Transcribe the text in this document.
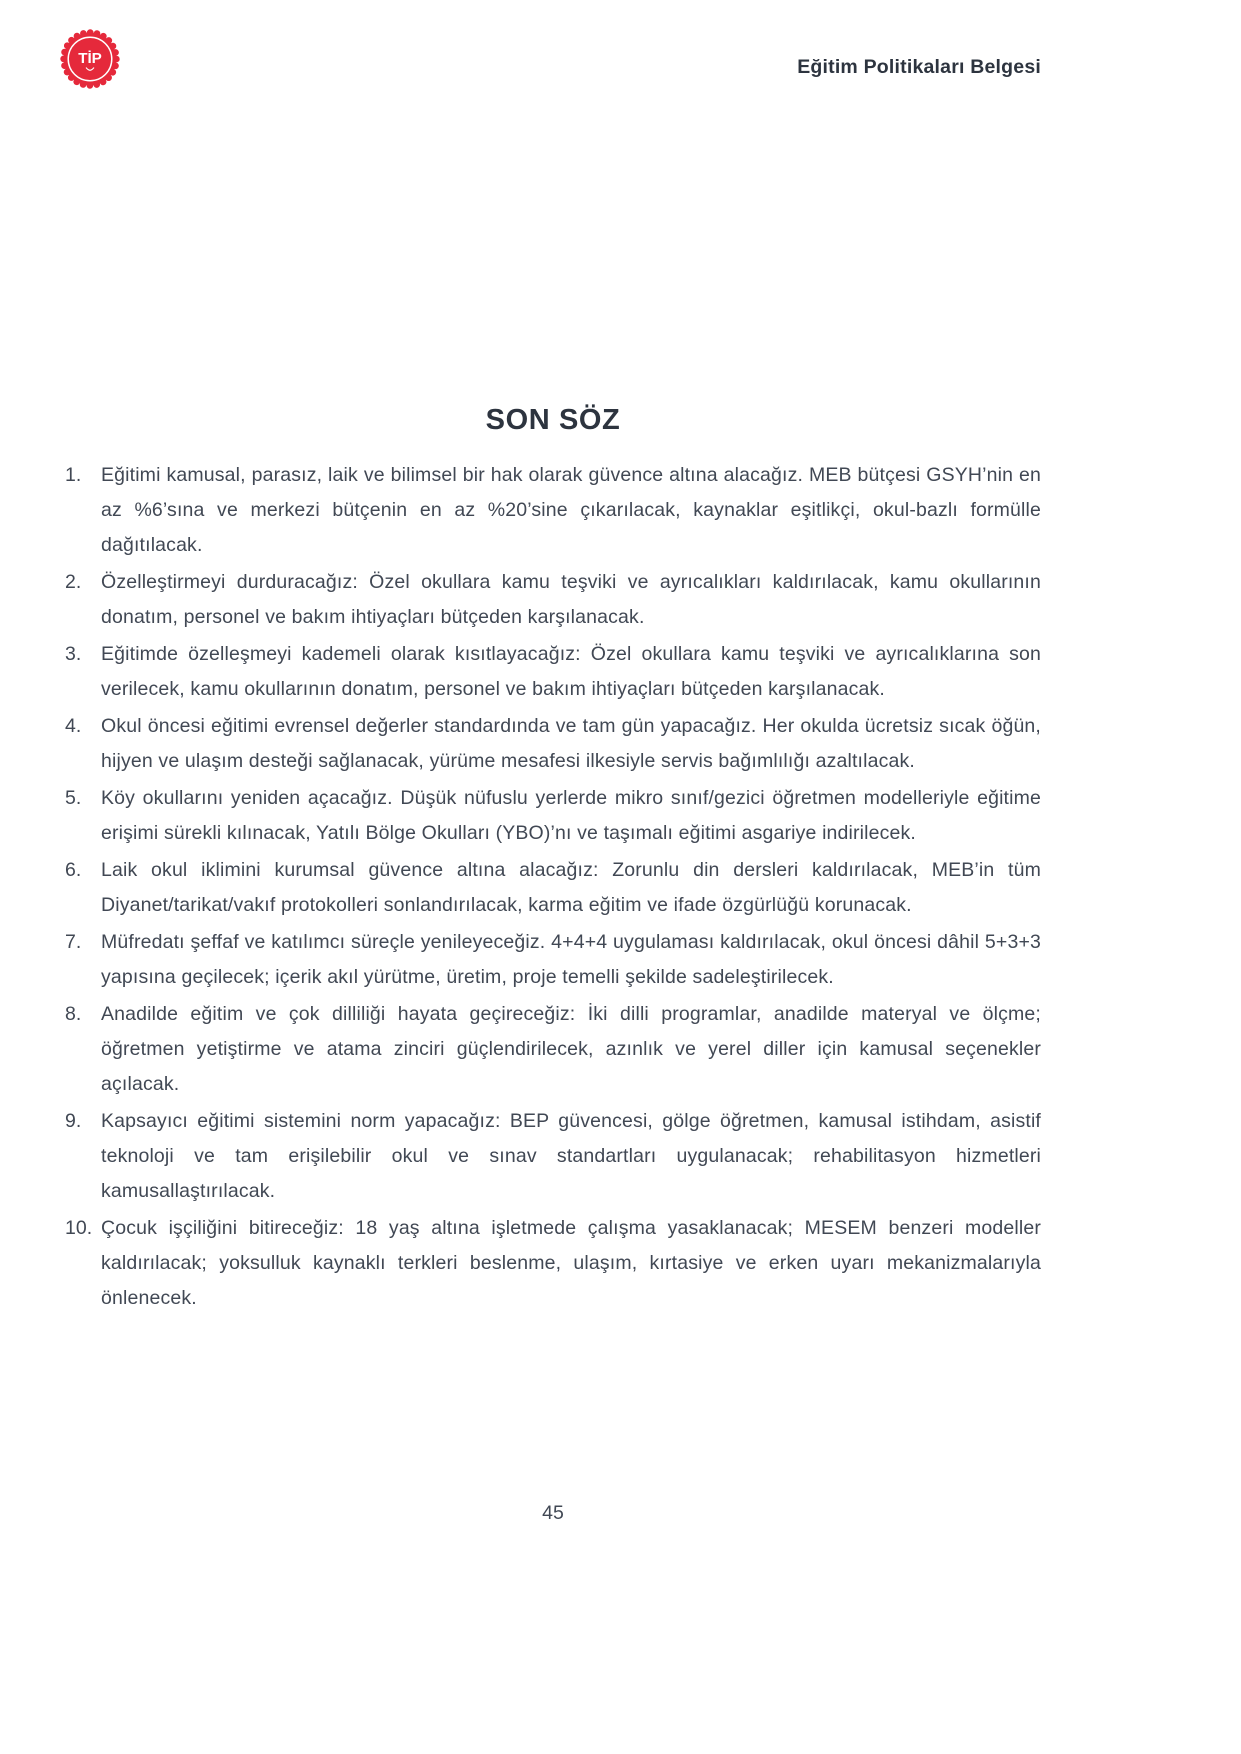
TİP	Eğitim Politikaları Belgesi
SON SÖZ
1.	Eğitimi kamusal, parasız, laik ve bilimsel bir hak olarak güvence altına alacağız. MEB bütçesi GSYH’nin en az %6’sına ve merkezi bütçenin en az %20’sine çıkarılacak, kaynaklar eşitlikçi, okul-bazlı formülle dağıtılacak.
2.	Özelleştirmeyi durduracağız: Özel okullara kamu teşviki ve ayrıcalıkları kaldırılacak, kamu okullarının donatım, personel ve bakım ihtiyaçları bütçeden karşılanacak.
3.	Eğitimde özelleşmeyi kademeli olarak kısıtlayacağız: Özel okullara kamu teşviki ve ayrıcalıklarına son verilecek, kamu okullarının donatım, personel ve bakım ihtiyaçları bütçeden karşılanacak.
4.	Okul öncesi eğitimi evrensel değerler standardında ve tam gün yapacağız. Her okulda ücretsiz sıcak öğün, hijyen ve ulaşım desteği sağlanacak, yürüme mesafesi ilkesiyle servis bağımlılığı azaltılacak.
5.	Köy okullarını yeniden açacağız. Düşük nüfuslu yerlerde mikro sınıf/gezici öğretmen modelleriyle eğitime erişimi sürekli kılınacak, Yatılı Bölge Okulları (YBO)’nı ve taşımalı eğitimi asgariye indirilecek.
6.	Laik okul iklimini kurumsal güvence altına alacağız: Zorunlu din dersleri kaldırılacak, MEB’in tüm Diyanet/tarikat/vakıf protokolleri sonlandırılacak, karma eğitim ve ifade özgürlüğü korunacak.
7.	Müfredatı şeffaf ve katılımcı süreçle yenileyeceğiz. 4+4+4 uygulaması kaldırılacak, okul öncesi dâhil 5+3+3 yapısına geçilecek; içerik akıl yürütme, üretim, proje temelli şekilde sadeleştirilecek.
8.	Anadilde eğitim ve çok dilliliği hayata geçireceğiz: İki dilli programlar, anadilde materyal ve ölçme; öğretmen yetiştirme ve atama zinciri güçlendirilecek, azınlık ve yerel diller için kamusal seçenekler açılacak.
9.	Kapsayıcı eğitimi sistemini norm yapacağız: BEP güvencesi, gölge öğretmen, kamusal istihdam, asistif teknoloji ve tam erişilebilir okul ve sınav standartları uygulanacak; rehabilitasyon hizmetleri kamusallaştırılacak.
10. Çocuk işçiliğini bitireceğiz: 18 yaş altına işletmede çalışma yasaklanacak; MESEM benzeri modeller kaldırılacak; yoksulluk kaynaklı terkleri beslenme, ulaşım, kırtasiye ve erken uyarı mekanizmalarıyla önlenecek.
45
